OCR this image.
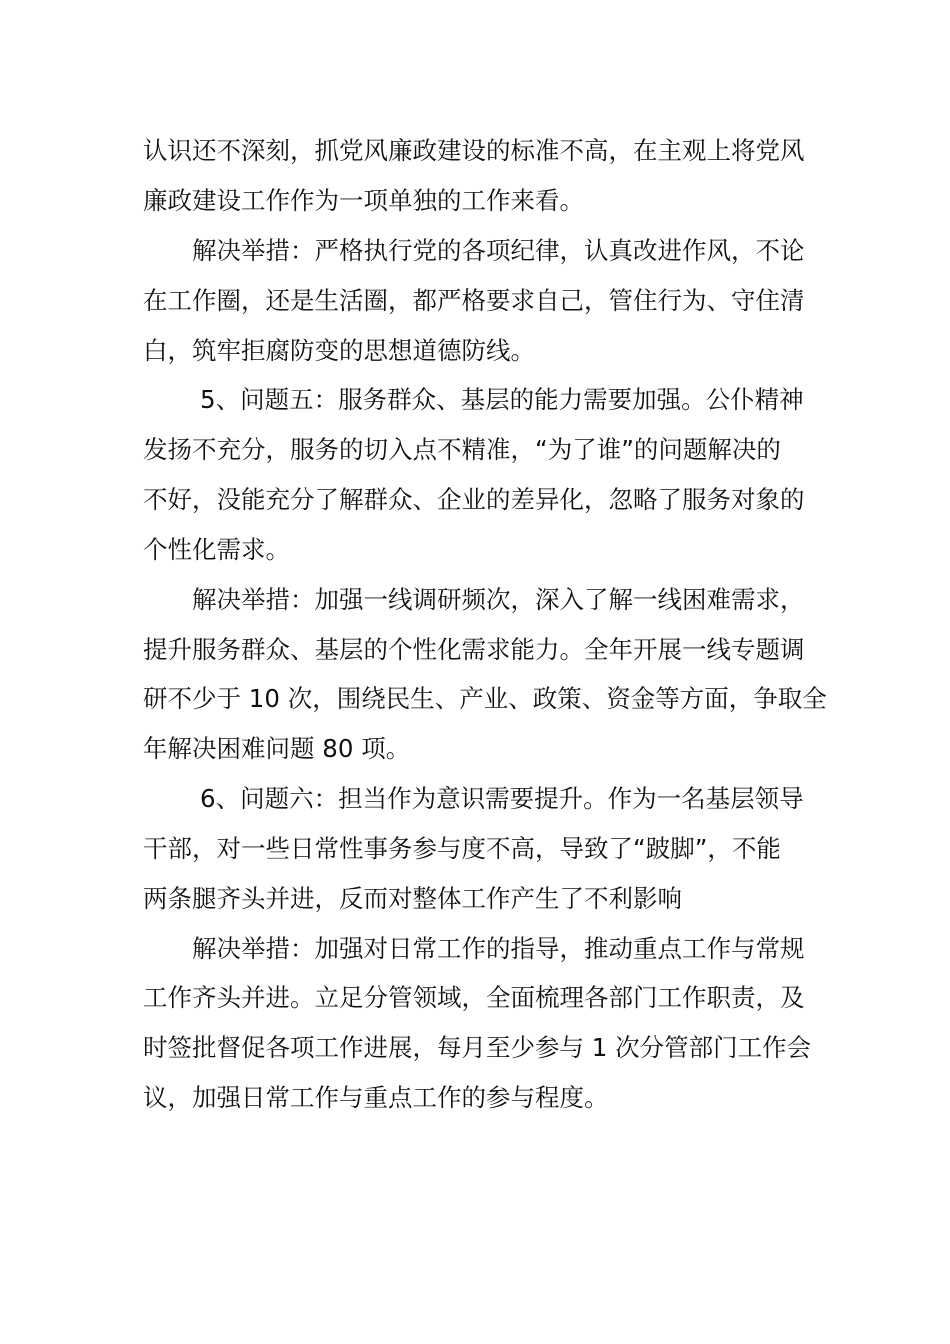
认识还不深刻，抓党风廉政建设的标准不高，在主观上将党风
廉政建设工作作为一项单独的工作来看。
解决举措：严格执行党的各项纪律，认真改进作风，不论
在工作圈，还是生活圈，都严格要求自己，管住行为、守住清
白，筑牢拒腐防变的思想道德防线。
5、问题五：服务群众、基层的能力需要加强。公仆精神
发扬不充分，服务的切入点不精准，“为了谁”的问题解决的
不好，没能充分了解群众、企业的差异化，忽略了服务对象的
个性化需求。
解决举措：加强一线调研频次，深入了解一线困难需求，
提升服务群众、基层的个性化需求能力。全年开展一线专题调
研不少于 10 次，围绕民生、产业、政策、资金等方面，争取全
年解决困难问题 80 项。
6、问题六：担当作为意识需要提升。作为一名基层领导
干部，对一些日常性事务参与度不高，导致了“跛脚”，不能
两条腿齐头并进，反而对整体工作产生了不利影响
解决举措：加强对日常工作的指导，推动重点工作与常规
工作齐头并进。立足分管领域，全面梳理各部门工作职责，及
时签批督促各项工作进展，每月至少参与 1 次分管部门工作会
议，加强日常工作与重点工作的参与程度。
